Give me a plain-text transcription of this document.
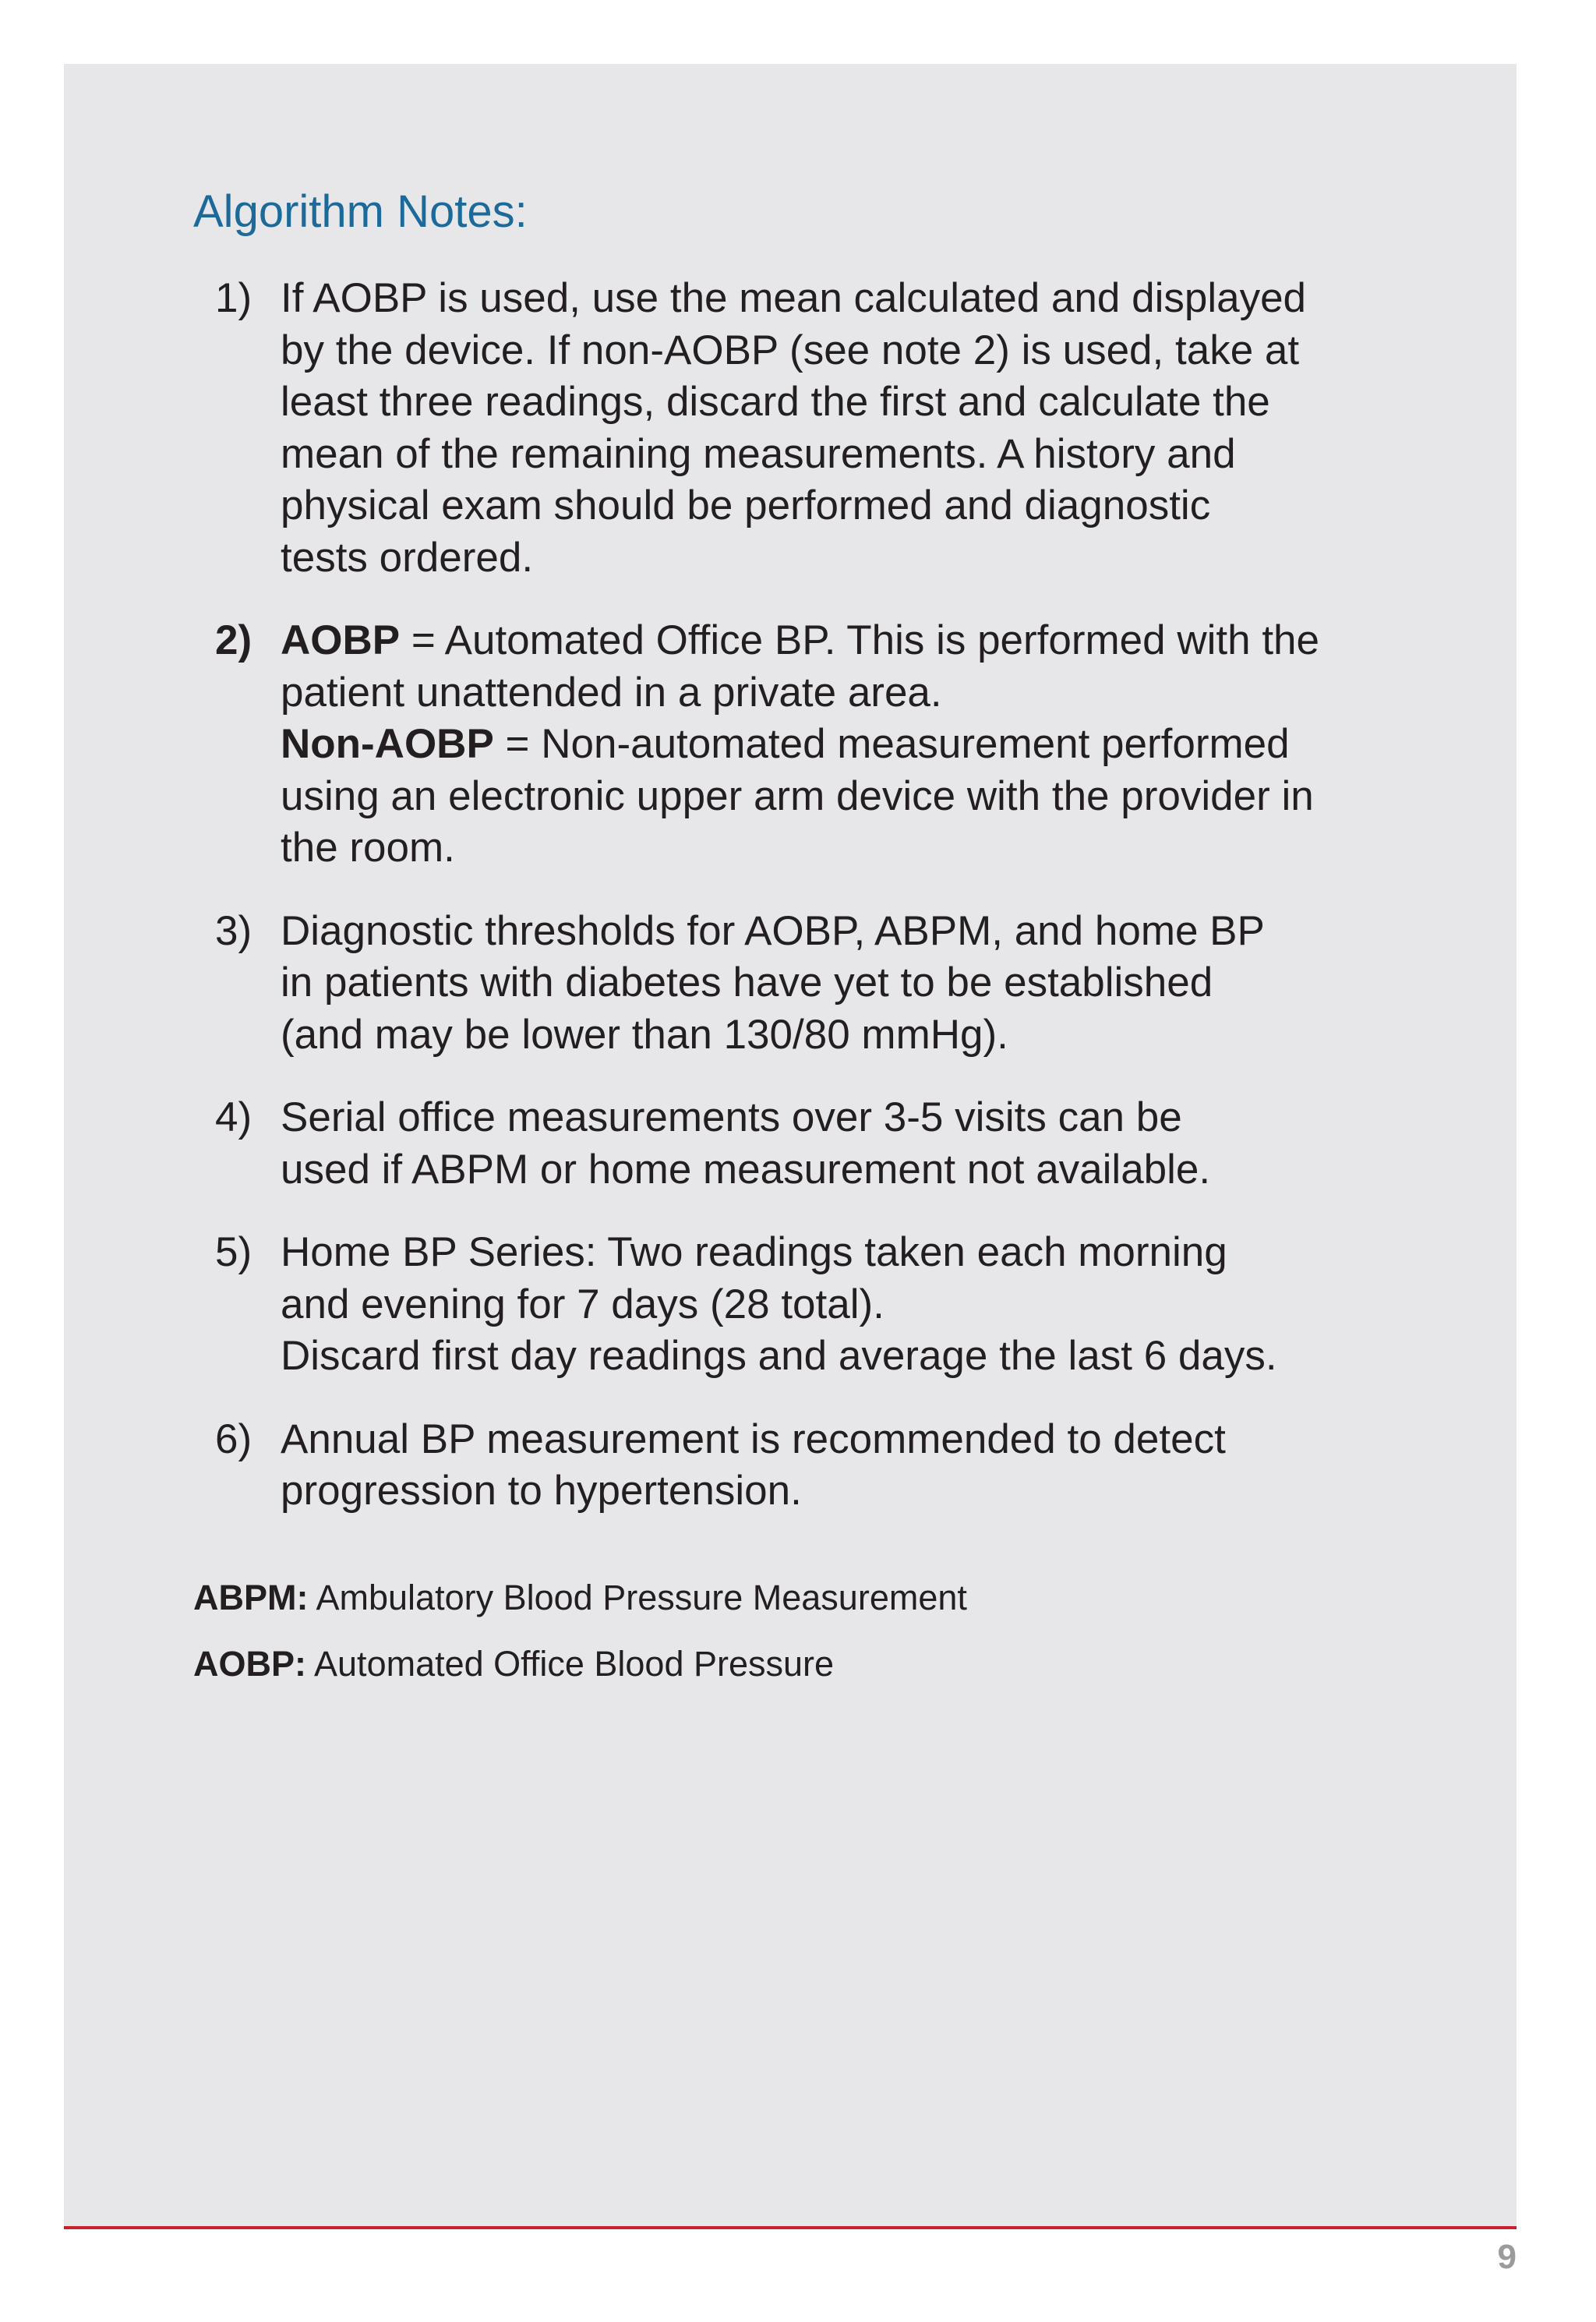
Algorithm Notes:
1) If AOBP is used, use the mean calculated and displayed
by the device. If non-AOBP (see note 2) is used, take at
least three readings, discard the first and calculate the
mean of the remaining measurements. A history and
physical exam should be performed and diagnostic
tests ordered.
2) AOBP = Automated Office BP. This is performed with the
patient unattended in a private area.
Non-AOBP = Non-automated measurement performed
using an electronic upper arm device with the provider in
the room.
3) Diagnostic thresholds for AOBP, ABPM, and home BP
in patients with diabetes have yet to be established
(and may be lower than 130/80 mmHg).
4) Serial office measurements over 3-5 visits can be
used if ABPM or home measurement not available.
5) Home BP Series: Two readings taken each morning
and evening for 7 days (28 total).
Discard first day readings and average the last 6 days.
6) Annual BP measurement is recommended to detect
progression to hypertension.
ABPM: Ambulatory Blood Pressure Measurement
AOBP: Automated Office Blood Pressure
9
